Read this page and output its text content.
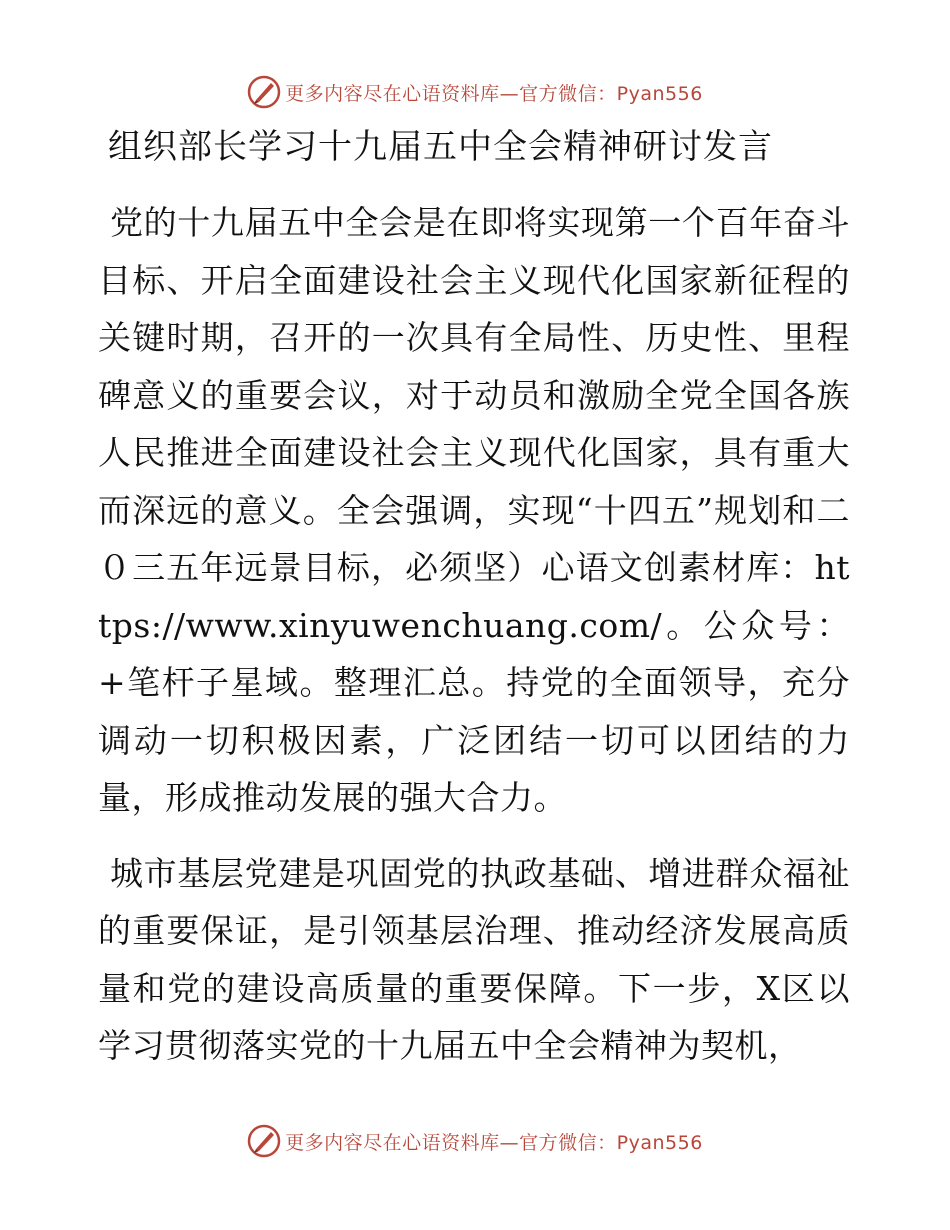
更多内容尽在心语资料库—官方微信：Pyan556
组织部长学习十九届五中全会精神研讨发言

党的十九届五中全会是在即将实现第一个百年奋斗目标、开启全面建设社会主义现代化国家新征程的关键时期，召开的一次具有全局性、历史性、里程碑意义的重要会议，对于动员和激励全党全国各族人民推进全面建设社会主义现代化国家，具有重大而深远的意义。全会强调，实现“十四五”规划和二０三五年远景目标，必须坚）心语文创素材库：https://www.xinyuwenchuang.com/。公众号：+笔杆子星域。整理汇总。持党的全面领导，充分调动一切积极因素，广泛团结一切可以团结的力量，形成推动发展的强大合力。

城市基层党建是巩固党的执政基础、增进群众福祉的重要保证，是引领基层治理、推动经济发展高质量和党的建设高质量的重要保障。下一步，X区以学习贯彻落实党的十九届五中全会精神为契机，

更多内容尽在心语资料库—官方微信：Pyan556
